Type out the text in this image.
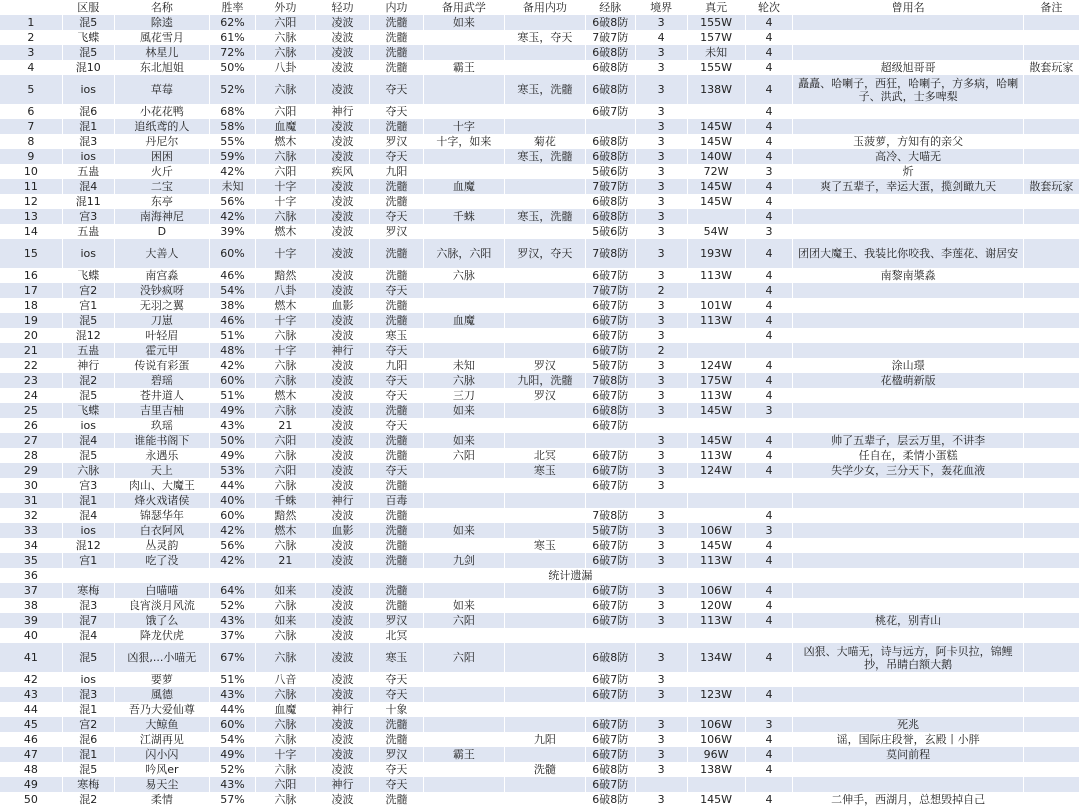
	区服	名称	胜率	外功	轻功	内功	备用武学	备用内功	经脉	境界	真元	轮次	曾用名	备注
1	混5	除逵	62%	六阳	凌波	洗髓	如来		6破8防	3	155W	4		
2	飞蝶	風花雪月	61%	六脉	凌波	洗髓		寒玉，夺天	7破7防	4	157W	4		
3	混5	林星儿	72%	六脉	凌波	洗髓			6破8防	3	未知	4		
4	混10	东北旭姐	50%	八卦	凌波	洗髓	霸王		6破8防	3	155W	4	超级旭哥哥	散套玩家
5	ios	草莓	52%	六脉	凌波	夺天		寒玉，洗髓	6破8防	3	138W	4	矗矗、哈喇子，西狂，哈喇子，方多病，哈喇子、洪武，士多啤梨	
6	混6	小花花鸭	68%	六阳	神行	夺天			6破7防	3		4		
7	混1	追纸鸢的人	58%	血魔	凌波	洗髓	十字			3	145W	4		
8	混3	丹尼尔	55%	燃木	凌波	罗汉	十字，如来	菊花	6破8防	3	145W	4	玉菠萝，方知有的亲父	
9	ios	困困	59%	六脉	凌波	夺天		寒玉，洗髓	6破8防	3	140W	4	高冷、大喵无	
10	五蛊	火斤	42%	六阳	疾风	九阳			5破6防	3	72W	3	炘	
11	混4	二宝	未知	十字	凌波	洗髓	血魔		7破7防	3	145W	4	爽了五辈子，幸运大蛋，揽剑瞰九天	散套玩家
12	混11	东亭	56%	十字	凌波	洗髓			6破8防	3	145W	4		
13	宫3	南海神尼	42%	六脉	凌波	夺天	千蛛	寒玉，洗髓	6破8防	3		4		
14	五蛊	D	39%	燃木	凌波	罗汉			5破6防	3	54W	3		
15	ios	大善人	60%	十字	凌波	洗髓	六脉，六阳	罗汉，夺天	7破8防	3	193W	4	团团大魔王、我装比你咬我、李莲花、谢居安	
16	飞蝶	南宫淼	46%	黯然	凌波	洗髓	六脉		6破7防	3	113W	4	南黎南槳淼	
17	宫2	没钞疯呀	54%	八卦	凌波	夺天			7破7防	2		4		
18	宫1	无羽之翼	38%	燃木	血影	洗髓			6破7防	3	101W	4		
19	混5	刀崽	46%	十字	凌波	洗髓	血魔		6破7防	3	113W	4		
20	混12	叶轻眉	51%	六脉	凌波	寒玉			6破7防	3		4		
21	五蛊	霍元甲	48%	十字	神行	夺天			6破7防	2				
22	神行	传说有彩蛋	42%	六脉	凌波	九阳	未知	罗汉	5破7防	3	124W	4	涂山璟	
23	混2	碧瑶	60%	六脉	凌波	夺天	六脉	九阳，洗髓	7破8防	3	175W	4	花楹萌新版	
24	混5	苍井道人	51%	燃木	凌波	夺天	三刀	罗汉	6破7防	3	113W	4		
25	飞蝶	吉里吉柚	49%	六脉	凌波	洗髓	如来		6破8防	3	145W	3		
26	ios	玖瑶	43%	21	凌波	夺天			6破7防					
27	混4	谁能书阁下	50%	六阳	凌波	洗髓	如来			3	145W	4	帅了五辈子，层云万里，不讲李	
28	混5	永遇乐	49%	六脉	凌波	洗髓	六阳	北冥	6破7防	3	113W	4	任自在，柔情小蛋糕	
29	六脉	天上	53%	六阳	凌波	夺天		寒玉	6破7防	3	124W	4	失学少女，三分天下，轰花血液	
30	宫3	肉山、大魔王	44%	六脉	凌波	洗髓			6破7防	3				
31	混1	烽火戏诸侯	40%	千蛛	神行	百毒								
32	混4	锦瑟华年	60%	黯然	凌波	洗髓			7破8防	3		4		
33	ios	白衣阿风	42%	燃木	血影	洗髓	如来		5破7防	3	106W	3		
34	混12	丛灵韵	56%	六脉	凌波	洗髓		寒玉	6破7防	3	145W	4		
35	宫1	吃了没	42%	21	凌波	洗髓	九剑		6破7防	3	113W	4		
36	统计遗漏													
37	寒梅	白喵喵	64%	如来	凌波	洗髓			6破7防	3	106W	4		
38	混3	良宵淡月风流	52%	六脉	凌波	洗髓	如来		6破7防	3	120W	4		
39	混7	饿了么	43%	如来	凌波	罗汉	六阳		6破7防	3	113W	4	桃花，别青山	
40	混4	降龙伏虎	37%	六脉	凌波	北冥								
41	混5	凶狠,...小喵无	67%	六脉	凌波	寒玉	六阳		6破8防	3	134W	4	凶狠、大喵无，诗与远方，阿卡贝拉，锦鲤抄，吊睛白额大鹅	
42	ios	要萝	51%	八音	凌波	夺天			6破7防	3				
43	混3	風德	43%	六脉	凌波	夺天			6破7防	3	123W	4		
44	混1	吾乃大爱仙尊	44%	血魔	神行	十象								
45	宫2	大鲸鱼	60%	六脉	凌波	洗髓			6破7防	3	106W	3	死兆	
46	混6	江湖再见	54%	六脉	凌波	洗髓		九阳	6破7防	3	106W	4	谣，国际庄段誉，玄殿丨小胖	
47	混1	闪小闪	49%	十字	凌波	罗汉	霸王		6破7防	3	96W	4	莫问前程	
48	混5	吟风er	52%	六脉	凌波	夺天		洗髓	6破8防	3	138W	4		
49	寒梅	易天尘	43%	六阳	神行	夺天			6破7防					
50	混2	柔情	57%	六脉	凌波	洗髓			6破8防	3	145W	4	二伸手，西湖月，总想毁掉自己	
